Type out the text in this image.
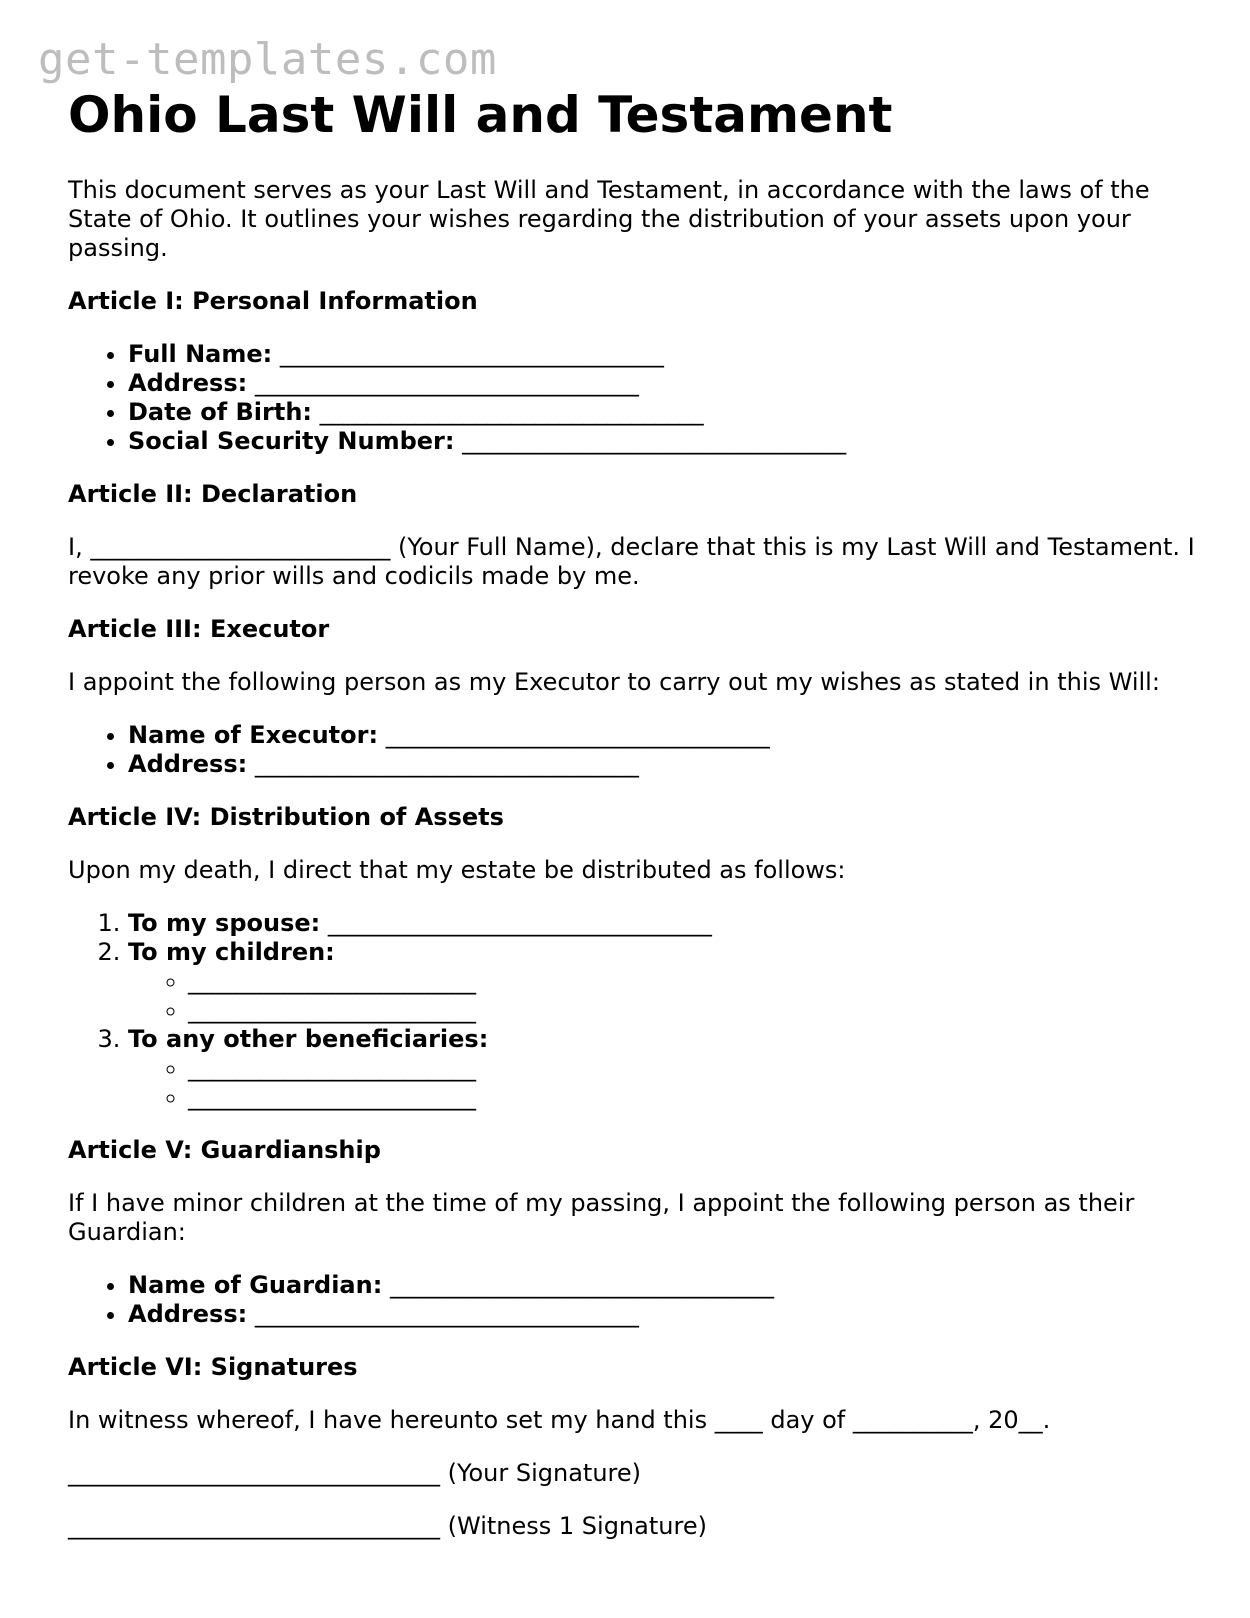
get-templates.com
Ohio Last Will and Testament

This document serves as your Last Will and Testament, in accordance with the laws of the State of Ohio. It outlines your wishes regarding the distribution of your assets upon your passing.

Article I: Personal Information
• Full Name: ________________________________
• Address: ________________________________
• Date of Birth: ________________________________
• Social Security Number: ________________________________
Article II: Declaration

I, _________________________ (Your Full Name), declare that this is my Last Will and Testament. I revoke any prior wills and codicils made by me.

Article III: Executor

I appoint the following person as my Executor to carry out my wishes as stated in this Will:

• Name of Executor: ________________________________
• Address: ________________________________
Article IV: Distribution of Assets

Upon my death, I direct that my estate be distributed as follows:

1. To my spouse: ________________________________
2. To my children:
◦ ________________________
◦ ________________________
3. To any other beneficiaries:
◦ ________________________
◦ ________________________
Article V: Guardianship

If I have minor children at the time of my passing, I appoint the following person as their Guardian:

• Name of Guardian: ________________________________
• Address: ________________________________
Article VI: Signatures

In witness whereof, I have hereunto set my hand this ____ day of __________, 20__.

_______________________________ (Your Signature)

_______________________________ (Witness 1 Signature)
